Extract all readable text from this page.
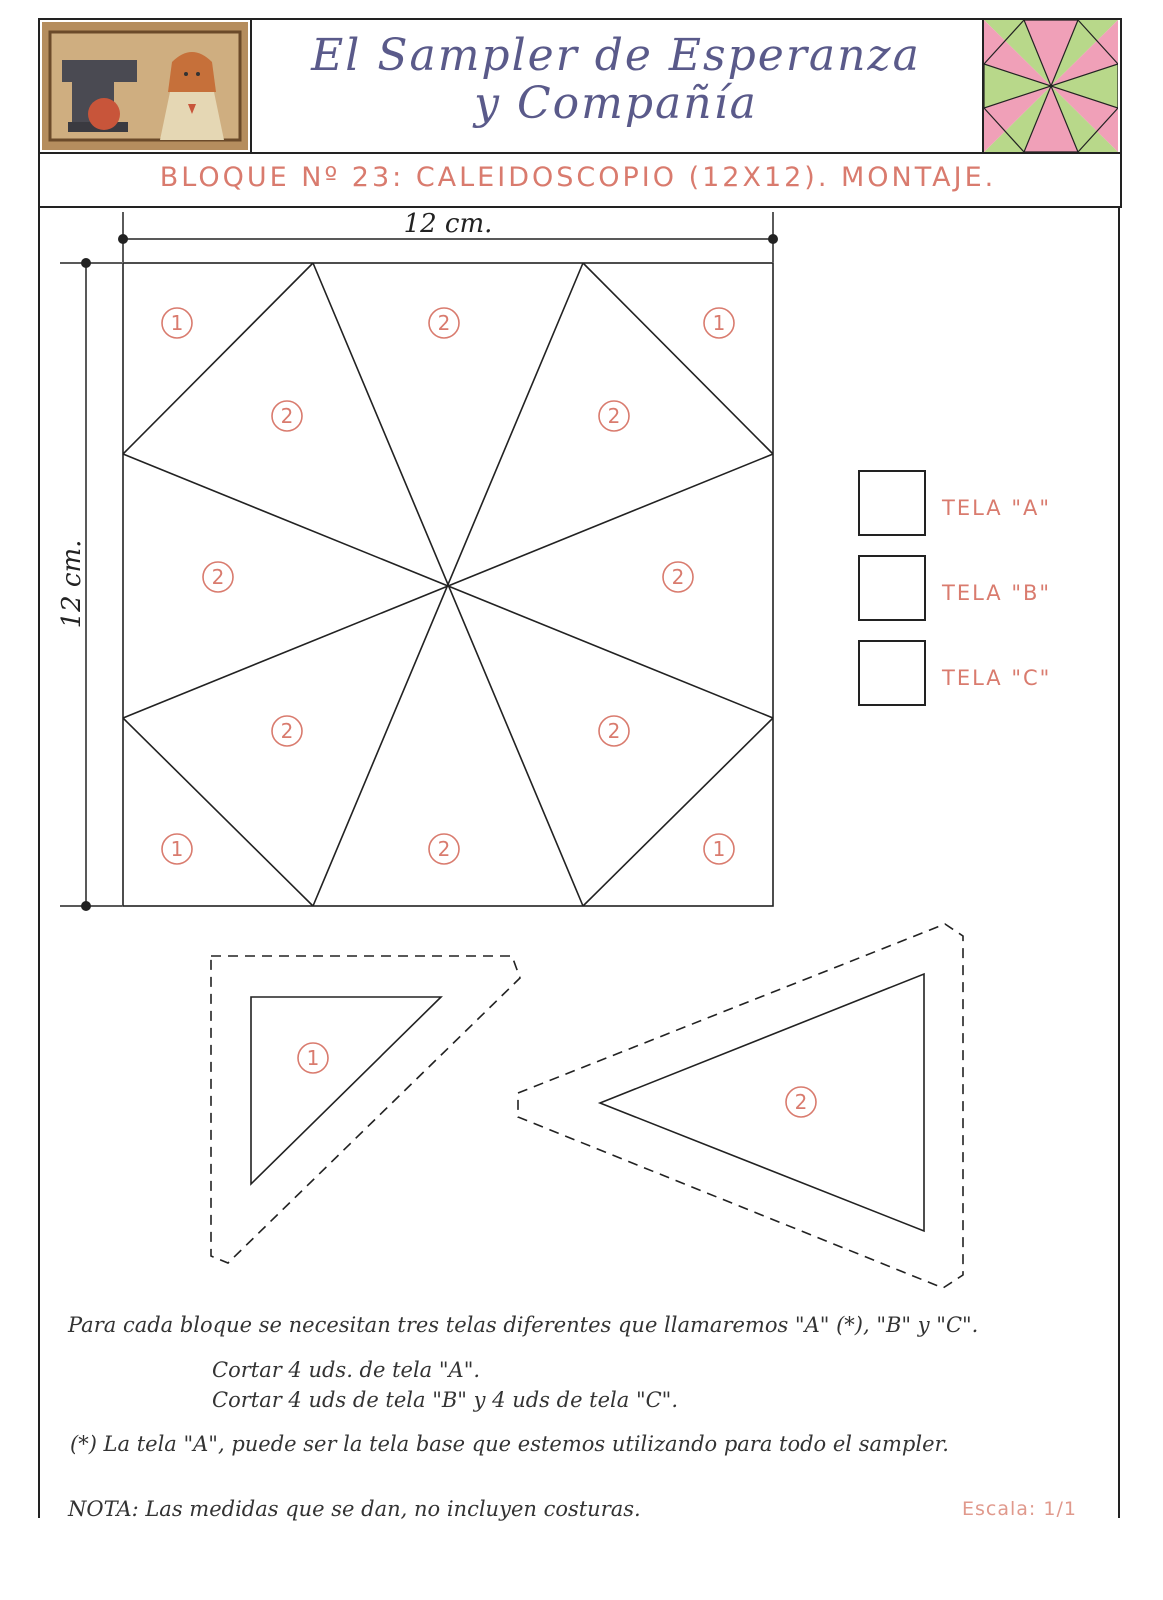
El Sampler de Esperanza
y Compañía
BLOQUE Nº 23: CALEIDOSCOPIO (12X12). MONTAJE.
12 cm.
12 cm.
1	2	1
2	2
2	2
2	2
1	2	1
1
2
TELA "A"
TELA "B"
TELA "C"
Para cada bloque se necesitan tres telas diferentes que llamaremos "A" (*), "B" y "C".
Cortar 4 uds. de tela "A".
Cortar 4 uds de tela "B" y 4 uds de tela "C".
(*) La tela "A", puede ser la tela base que estemos utilizando para todo el sampler.
NOTA: Las medidas que se dan, no incluyen costuras.	Escala: 1/1
